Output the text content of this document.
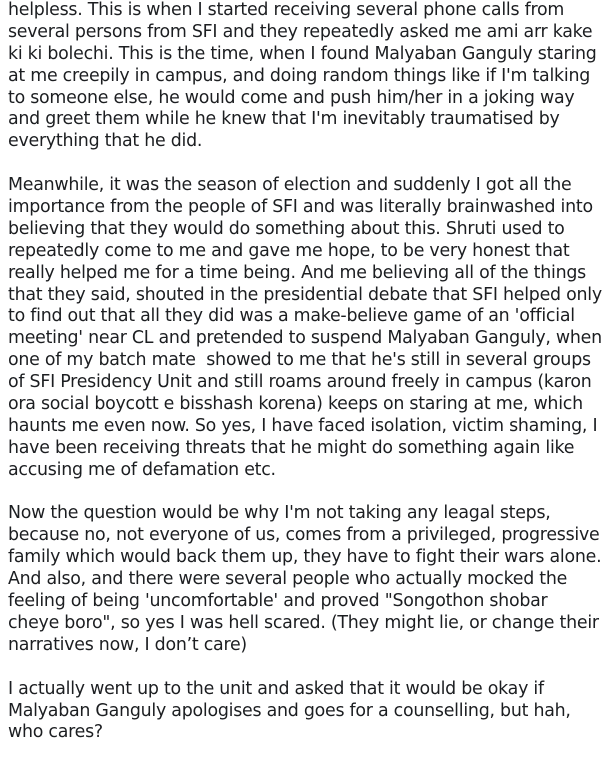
helpless. This is when I started receiving several phone calls from
several persons from SFI and they repeatedly asked me ami arr kake
ki ki bolechi. This is the time, when I found Malyaban Ganguly staring
at me creepily in campus, and doing random things like if I'm talking
to someone else, he would come and push him/her in a joking way
and greet them while he knew that I'm inevitably traumatised by
everything that he did.
Meanwhile, it was the season of election and suddenly I got all the
importance from the people of SFI and was literally brainwashed into
believing that they would do something about this. Shruti used to
repeatedly come to me and gave me hope, to be very honest that
really helped me for a time being. And me believing all of the things
that they said, shouted in the presidential debate that SFI helped only
to find out that all they did was a make-believe game of an 'official
meeting' near CL and pretended to suspend Malyaban Ganguly, when
one of my batch mate  showed to me that he's still in several groups
of SFI Presidency Unit and still roams around freely in campus (karon
ora social boycott e bisshash korena) keeps on staring at me, which
haunts me even now. So yes, I have faced isolation, victim shaming, I
have been receiving threats that he might do something again like
accusing me of defamation etc.
Now the question would be why I'm not taking any leagal steps,
because no, not everyone of us, comes from a privileged, progressive
family which would back them up, they have to fight their wars alone.
And also, and there were several people who actually mocked the
feeling of being 'uncomfortable' and proved "Songothon shobar
cheye boro", so yes I was hell scared. (They might lie, or change their
narratives now, I don’t care)
I actually went up to the unit and asked that it would be okay if
Malyaban Ganguly apologises and goes for a counselling, but hah,
who cares?
